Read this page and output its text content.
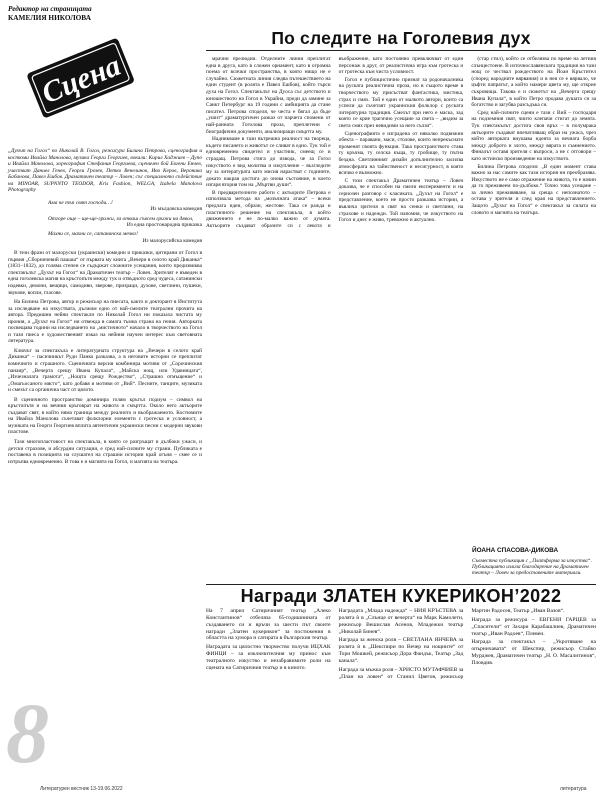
Редактор на страницата
КАМЕЛИЯ НИКОЛОВА
Сцена

„Духът на Гогол“ по Николай В. Гогол, режисура Билина Петрова, сценография и костюми Ивайла Манолова, музика Георги Георгиев, вокали: Кирил Хаджиев – Дупо и Ивайла Манолова, хореография Стефания Георгиева, сценичен бой Евгени Енчев, участват Даниел Генев, Георги Грозев, Петко Венелинов, Иво Керов, Вероника Бабанова, Павел Ешбов. Драматичен театър – Ловеч; със специалното съдействие на MINOAR, SUPNNTO TEODOR, Kris Fashion, WELGA, Izabela Manolova Photography

Ама че тъп свят господи…!
Из мълдовска комедия
Отгоре още – ще-ще-грижи, за отваш съвсем грижи на дявол,
Из една простонародна приказка
Махни се, махни се, сатанинска мечко!
Из малорусийска комедия

В тези фрази от малоруски (украински) комедии и приказки, цитирани от Гогол в първия „Сборничевий пашаш“ от първата му книга „Вечери в селото край Диканка“ (1831–1832), до голяма степен се съдържат сложните усещания, които предизвиква спектакълът „Духът на Гогол“ на Драматичен театър – Ловеч. Зрителят е въведен в една гоголевска магия на кръстопътя между тук и отвъдното сред чудеса, сатанински издевки, демони, вещици, самодиви, зверове, призраци, духове, светлини, пушеки, звукове, вопли, гласове.

На Билина Петрова, автор и режисьор на пиесата, както и докторант в Института за изследване на изкуствата, дължим едно от най-смелите театрални прочита на автора. Предишни нейни спектакли по Николай Гогол ни показаха чистата му ирония, а „Духът на Гогол“ ни отвежда в самата тъмна страна на гения. Авторката посвещава години на изследването на „мистичното“ начало в творчеството на Гогол и тази пиеса е художественият изказ на нейния научен интерес към световната литература.

Ключът за спектакъла е литературната структура на „Вечери в селото край Диканка“ – пасичникът Руди Панко разказва, а в неговите истории се преплитат комичното и страшното. Сценичната версия комбинира мотиви от „Сорочинския панаир“, „Вечерта срещу Ивана Купала“, „Майска нощ, или Удавницата“, „Изчезналата грамота“, „Нощта срещу Рождество“, „Страшно отмъщение“ и „Омагьосаното място“, като добавя и мотиви от „Вий“. Песните, танците, музиката и смехът са органична част от цялото.

В сценичното пространство доминира голям кръгъл подиум – символ на кръстопътя и на вечния кръговрат на живота и смъртта. Около него актьорите създават свят, в който няма граница между реалното и въображаемото. Костюмите на Ивайла Манолова съчетават фолклорни елементи с гротеска и условност, а музиката на Георги Георгиев вплита автентични украински песни с модерни звукови пластове.

Тази многопластовост на спектакъла, в която се разгръщат и дълбоки ужаси, и детски страхове, и абсурдни ситуации, е сред най-силните му страни. Публиката е поставена в позицията на слушател на страшни истории край огъня – смее се и изтръпва едновременно. В това е и магията на Гогол, и магията на театъра.

8
Литературен вестник 13-19.06.2022
По следите на Гоголевия дух

мрачни прелюдии. Отделните линии преплитат една в друга, като в сложен орнамент, като в огромна поема от всички пространства, в която нищо не е случайно. Сюжетната линия следва пътешествието на един студент (в ролята е Павел Ешбов), който търси духа на Гогол. Спектакълът на Дуоса със детството и юношеството на Гогол в Украйна, преди да замине за Санкт Петербург на 19 години с амбицията да стане писател. Петрова споделя, че честа е бягал да бъде „ушит“ драматургичен разказ от парчета спомени от най-ранната Гоголова проза, преплетени с биографични документи, анализиращи смъртта му.

Надникваме в тази вътрешна реалност на твореца, където писането и животът се сливат в едно. Тук той е едновременно свидетел и участник, смеещ се и страдащ. Петрова стига до извода, че за Гогол изкуството е вид молитва и изкупление – възгледите му за литературата като мисия нарастват с годините, докато накрая достига до онова състояние, в което изгаря втория том на „Мъртви души“.

В предварителните работи с актьорите Петрова е използвала метода на „мозъчната атака“ – всеки предлага идеи, образи, жестове. Така се ражда и пластичното решение на спектакъла, в който движението е не по-малко важно от думата. Актьорите създават образите си с лекота и въображение, като постоянно превключват от един персонаж в друг, от реалистична игра към гротеска и от гротеска към чиста условност.

Гогол е публицистично признат за родоначалника на руската реалистична проза, но в същото време в творчеството му присъстват фантастика, мистика, страх и смях. Той е един от малкото автори, които са успели да съчетаят украинския фолклор с руската литературна традиция. Смехът при него е маска, зад която се крие трагично усещане за света – „видим за света смях през невидими за него сълзи“.

Сценографията е изградена от няколко подвижни обекта – паравани, маси, столове, които непрекъснато променят своята функция. Така пространството става ту кръчма, ту селска къща, ту гробище, ту пътна бездна. Светлинният дизайн допълнително засилва атмосферата на тайнственост и несигурност, в която всичко е възможно.

С този спектакъл Драматичен театър – Ловеч доказва, че е способен на смели експерименти и на сериозен разговор с класиката. „Духът на Гогол“ е представление, което не просто разказва истории, а въвлича зрителя в свят на сенки и светлини, на страхове и надежди. Той напомня, че изкуството на Гогол и днес е живо, тревожно и актуално.

(стар стил), който се отбелязва по време на летния слънцестоене. В източнославянската традиция на тази нощ се чествал рождеството на Йоан Кръстител (според народните вярвания) и в нея се е вярвало, че цъфти папратът, а който намери цвета му, ще открие съкровища. Такова е и сюжетът на „Вечерта срещу Ивана Купала“, в който Петро продава душата си за богатство и загубва разсъдъка си.

Сред най-силните сцени е тази с Вий – господаря на подземния свят, чиито клепачи стигат до земята. Тук спектакълът достига своя връх – в полумрака актьорите създават впечатляващ образ на ужаса, чрез който авторката внушава идеята за вечната борба между доброто и злото, между вярата и съмнението. Финалът оставя зрителя с въпроси, а не с отговори – като истинско произведение на изкуството.

Билина Петрова споделя: „В един момент става важно за нас самите как тази история ни преобразява. Изкуството не е само отражение на живота, то е начин да го преживеем по-дълбоко.“ Точно това усещане – за лично преживяване, за среща с непознатото – остава у зрителя и след края на представлението. Защото „Духът на Гогол“ е спектакъл за силата на словото и магията на театъра.

ЙОАНА СПАСОВА-ДИКОВА
Съвместна публикация с „Платформа за изкуства“. Публикацията излиза благодарение на Драматичен театър – Ловеч за предоставените материали.
Награди ЗЛАТЕН КУКЕРИКОН’2022

На 7 април Сатиричният театър „Алеко Константинов“ отбеляза 65-годишнината от създаването си и връчи за шести път своите награди „Златен кукерикон“ за постижения в областта на хумора и сатирата в българския театър.

Наградата за цялостно творчество получи ИЦХАК ФИНЦИ – за изключителния му принос към театралното изкуство и незабравимите роли на сцената на Сатиричния театър и в киното.

Наградата „Млада надежда“ – НИЯ КРЪСТЕВА за ролята ѝ в „Слънце от вечерта“ на Марк Камолети, режисьор Вешислав Асенов, Младежки театър „Николай Бинев“.

Награда за женска роля – СВЕТЛАНА ЯНЧЕВА за ролята ѝ в „Шекспири по Вечер на нощните“ от Тори Мошкей, режисьор Дора Фандък, Театър „Зад канала“.

Награда за мъжка роля – ХРИСТО МУТАФЧИЕВ за „План на ловен“ от Станил Цвегов, режисьор Мартин Радосев, Театър „Иван Вазов“.

Награда за режисура – ЕВГЕНИ ГАРЦЕВ за „Спасители“ от Захари Карабашлиев, Драматичен театър „Иван Радоев“, Плевен.

Награда за спектакъл – „Укротяване на опърничавата“ от Шекспир, режисьор Стайко Мурджев, Драматичен театър „Н. О. Масалитинов“, Пловдив.

литература
